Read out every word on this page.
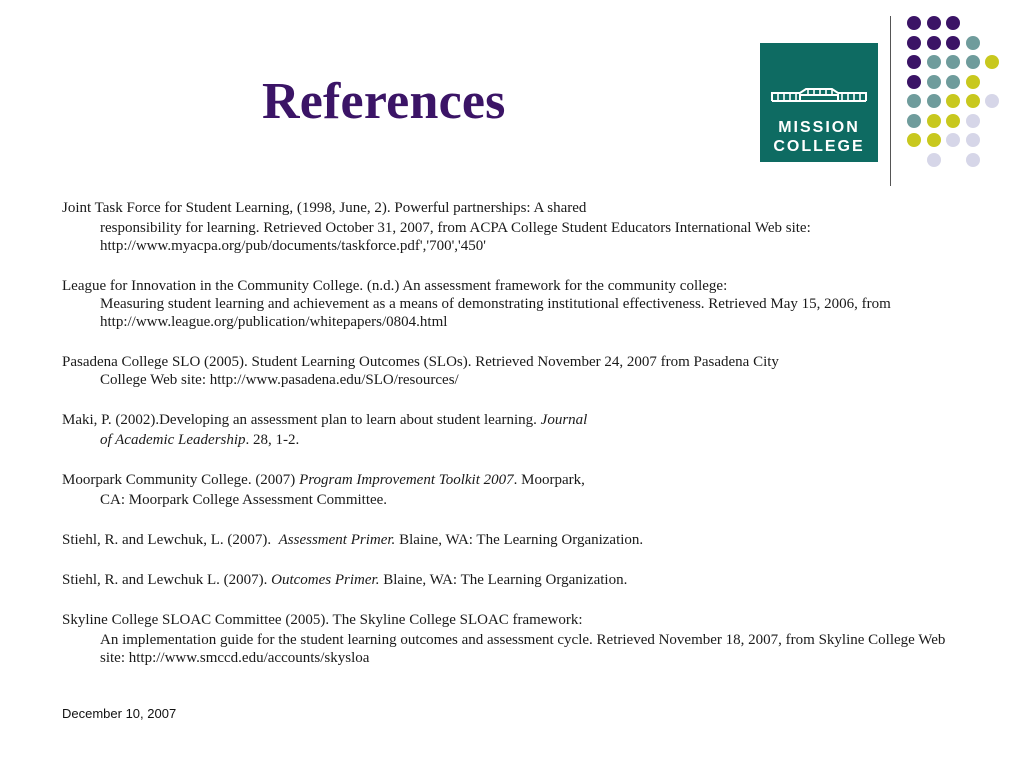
References	MISSION
COLLEGE
Joint Task Force for Student Learning, (1998, June, 2). Powerful partnerships: A shared
responsibility for learning. Retrieved October 31, 2007, from ACPA College Student Educators International Web site: http://www.myacpa.org/pub/documents/taskforce.pdf','700','450'
League for Innovation in the Community College. (n.d.) An assessment framework for the community college:
Measuring student learning and achievement as a means of demonstrating institutional effectiveness. Retrieved May 15, 2006, from http://www.league.org/publication/whitepapers/0804.html
Pasadena College SLO (2005). Student Learning Outcomes (SLOs). Retrieved November 24, 2007 from Pasadena City
College Web site: http://www.pasadena.edu/SLO/resources/
Maki, P. (2002).Developing an assessment plan to learn about student learning. Journal
of Academic Leadership. 28, 1-2.
Moorpark Community College. (2007) Program Improvement Toolkit 2007. Moorpark,
CA: Moorpark College Assessment Committee.
Stiehl, R. and Lewchuk, L. (2007).  Assessment Primer. Blaine, WA: The Learning Organization.
Stiehl, R. and Lewchuk L. (2007). Outcomes Primer. Blaine, WA: The Learning Organization.
Skyline College SLOAC Committee (2005). The Skyline College SLOAC framework:
An implementation guide for the student learning outcomes and assessment cycle. Retrieved November 18, 2007, from Skyline College Web site: http://www.smccd.edu/accounts/skysloa
December 10, 2007
